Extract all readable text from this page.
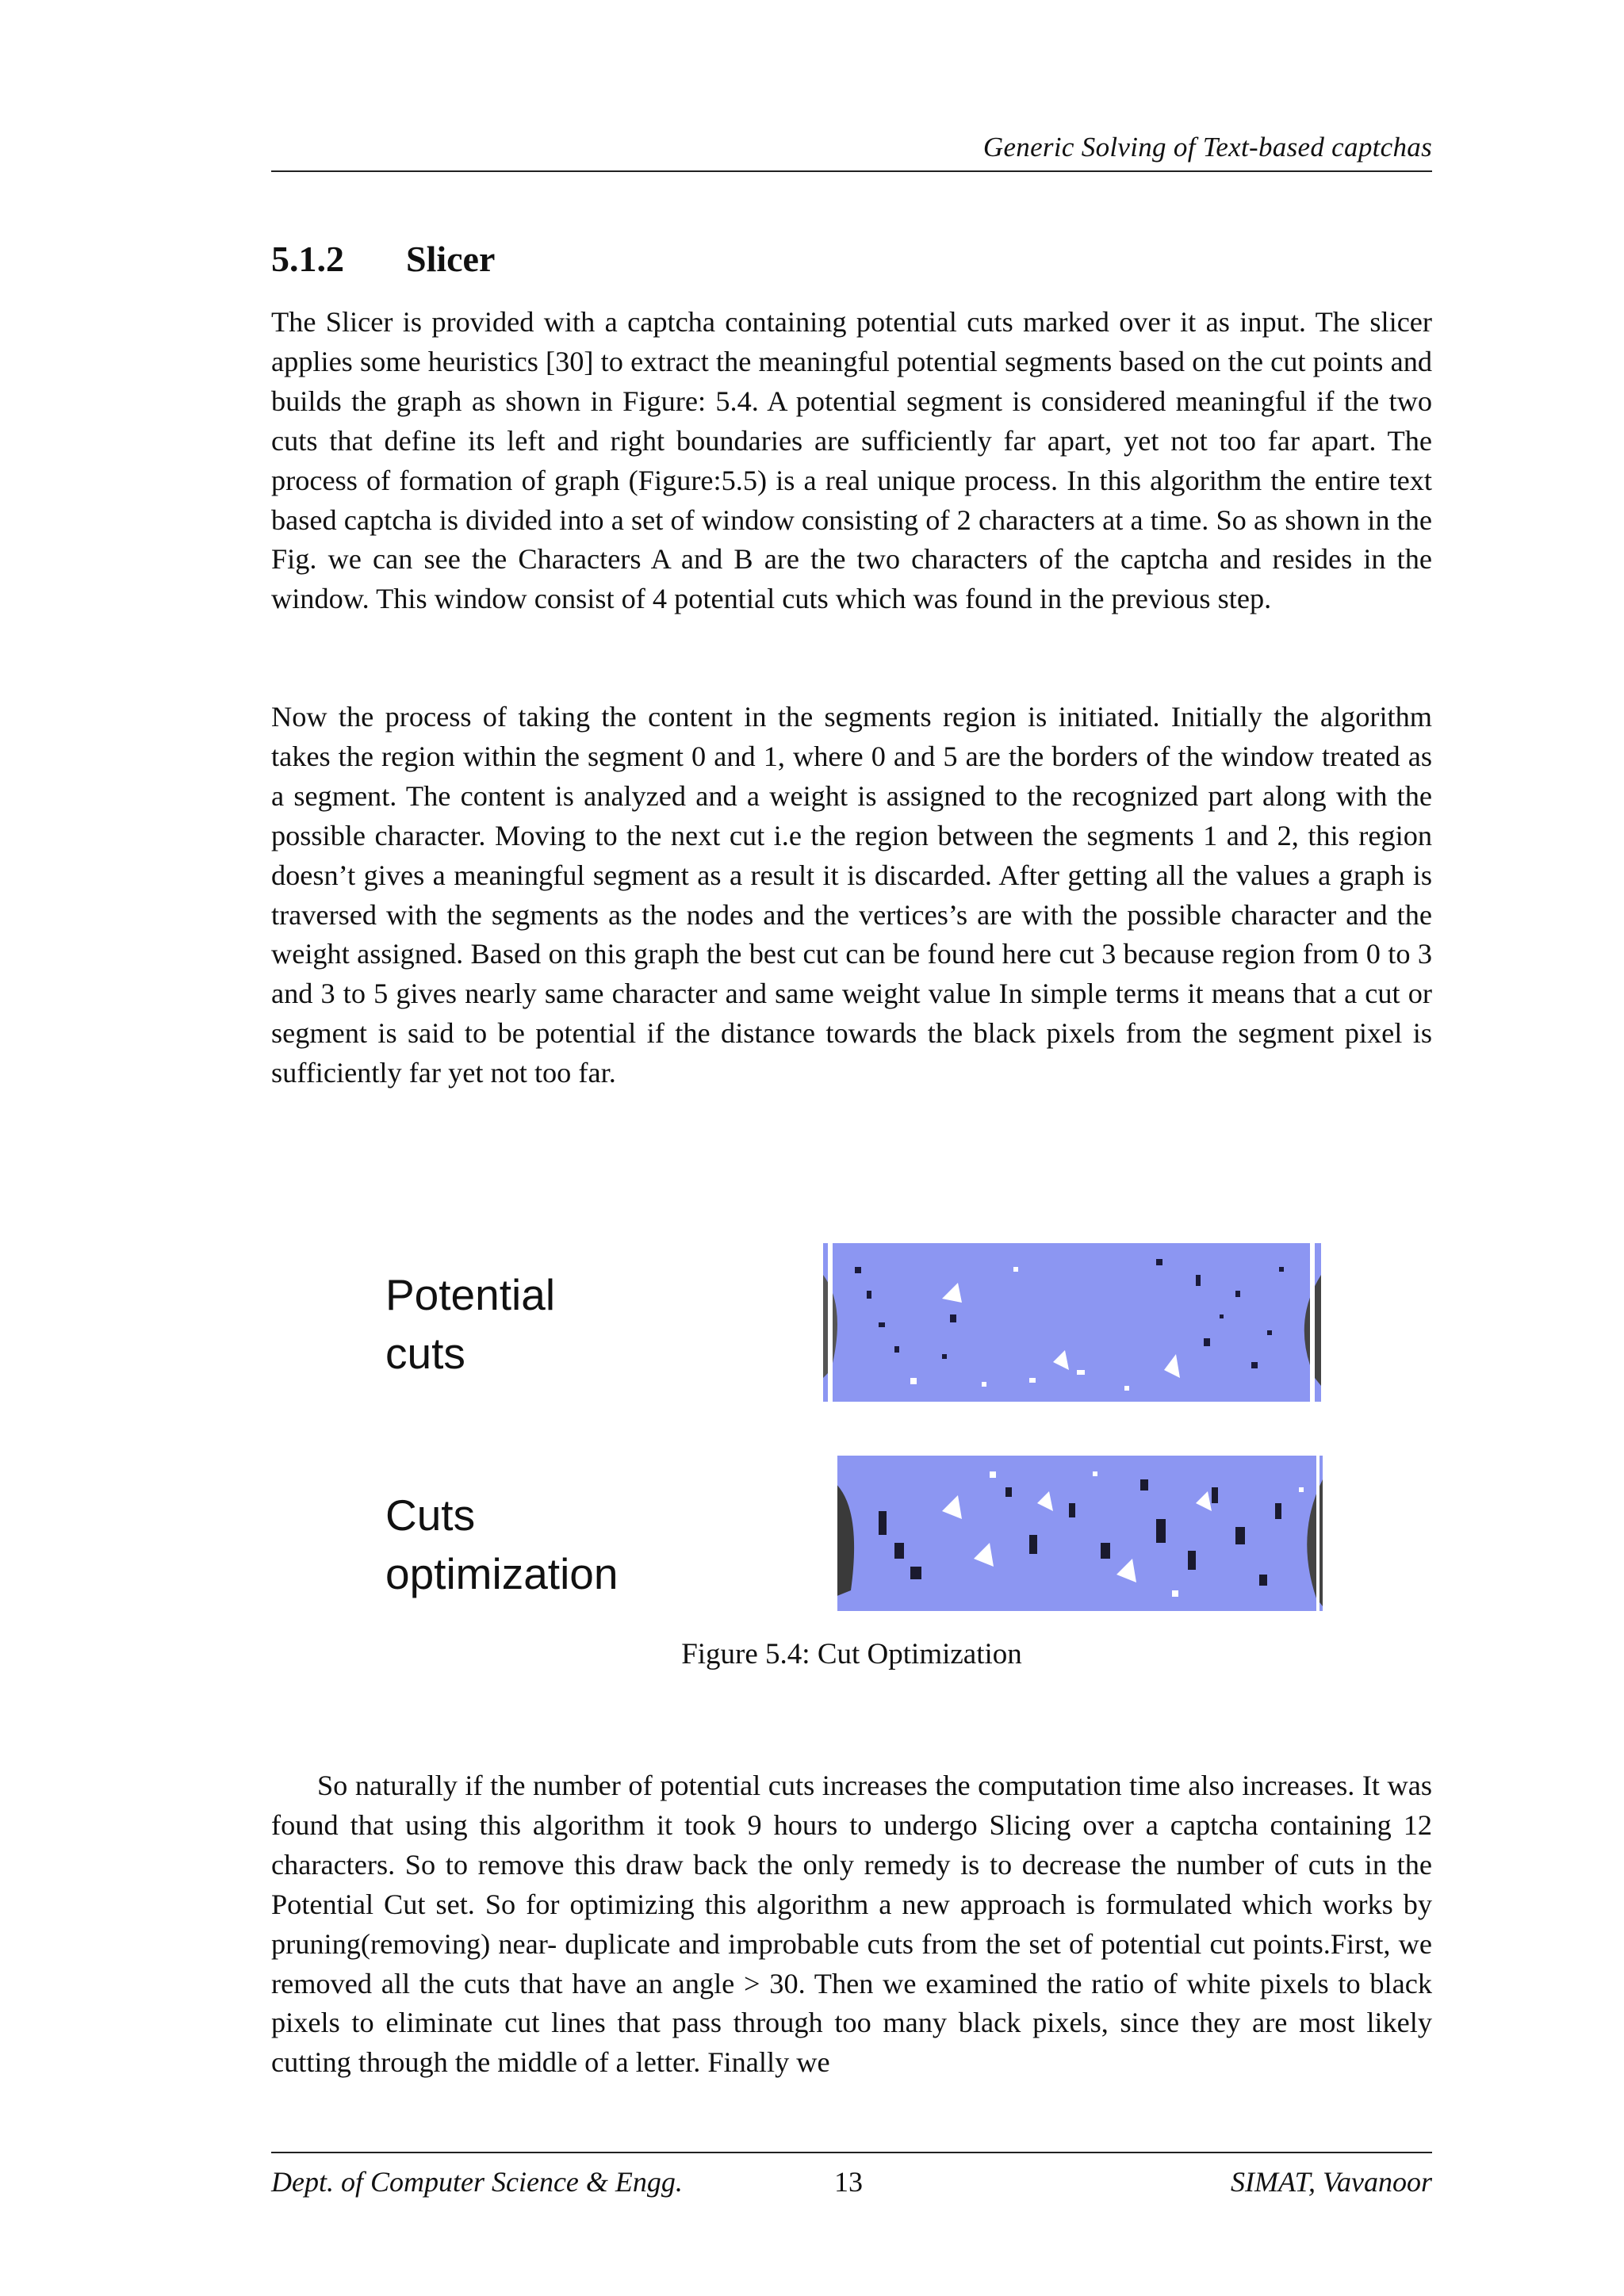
Generic Solving of Text-based captchas
5.1.2 Slicer

The Slicer is provided with a captcha containing potential cuts marked over it as input. The slicer applies some heuristics [30] to extract the meaningful potential segments based on the cut points and builds the graph as shown in Figure: 5.4. A potential segment is considered meaningful if the two cuts that define its left and right boundaries are sufficiently far apart, yet not too far apart. The process of formation of graph (Figure:5.5) is a real unique process. In this algorithm the entire text based captcha is divided into a set of window consisting of 2 characters at a time. So as shown in the Fig. we can see the Characters A and B are the two characters of the captcha and resides in the window. This window consist of 4 potential cuts which was found in the previous step.

Now the process of taking the content in the segments region is initiated. Initially the algorithm takes the region within the segment 0 and 1, where 0 and 5 are the borders of the window treated as a segment. The content is analyzed and a weight is assigned to the recognized part along with the possible character. Moving to the next cut i.e the region between the segments 1 and 2, this region doesn’t gives a meaningful segment as a result it is discarded. After getting all the values a graph is traversed with the segments as the nodes and the vertices’s are with the possible character and the weight assigned. Based on this graph the best cut can be found here cut 3 because region from 0 to 3 and 3 to 5 gives nearly same character and same weight value In simple terms it means that a cut or segment is said to be potential if the distance towards the black pixels from the segment pixel is sufficiently far yet not too far.

Potential
cuts
Cuts
optimization
Figure 5.4: Cut Optimization

So naturally if the number of potential cuts increases the computation time also increases. It was found that using this algorithm it took 9 hours to undergo Slicing over a captcha containing 12 characters. So to remove this draw back the only remedy is to decrease the number of cuts in the Potential Cut set. So for optimizing this algorithm a new approach is formulated which works by pruning(removing) near- duplicate and improbable cuts from the set of potential cut points.First, we removed all the cuts that have an angle > 30. Then we examined the ratio of white pixels to black pixels to eliminate cut lines that pass through too many black pixels, since they are most likely cutting through the middle of a letter. Finally we

Dept. of Computer Science & Engg.	13	SIMAT, Vavanoor
